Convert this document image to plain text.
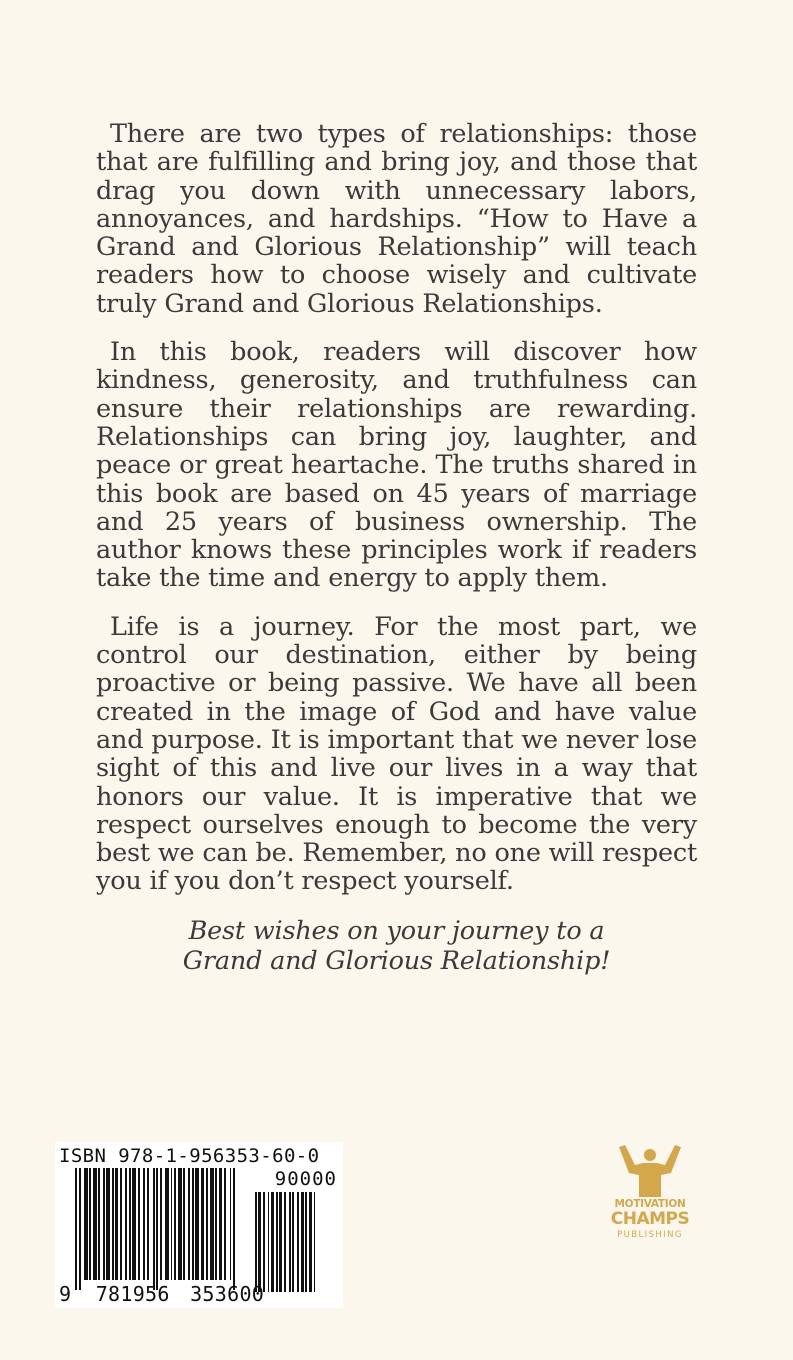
There are two types of relationships: those that are fulfilling and bring joy, and those that drag you down with unnecessary labors, annoyances, and hardships. “How to Have a Grand and Glorious Relationship” will teach readers how to choose wisely and cultivate truly Grand and Glorious Relationships.

In this book, readers will discover how kindness, generosity, and truthfulness can ensure their relationships are rewarding. Relationships can bring joy, laughter, and peace or great heartache. The truths shared in this book are based on 45 years of marriage and 25 years of business ownership. The author knows these principles work if readers take the time and energy to apply them.

Life is a journey. For the most part, we control our destination, either by being proactive or being passive. We have all been created in the image of God and have value and purpose. It is important that we never lose sight of this and live our lives in a way that honors our value. It is imperative that we respect ourselves enough to become the very best we can be. Remember, no one will respect you if you don’t respect yourself.

Best wishes on your journey to a
Grand and Glorious Relationship!
ISBN 978-1-956353-60-0
90000
9 781956 353600
MOTIVATION
CHAMPS
PUBLISHING
